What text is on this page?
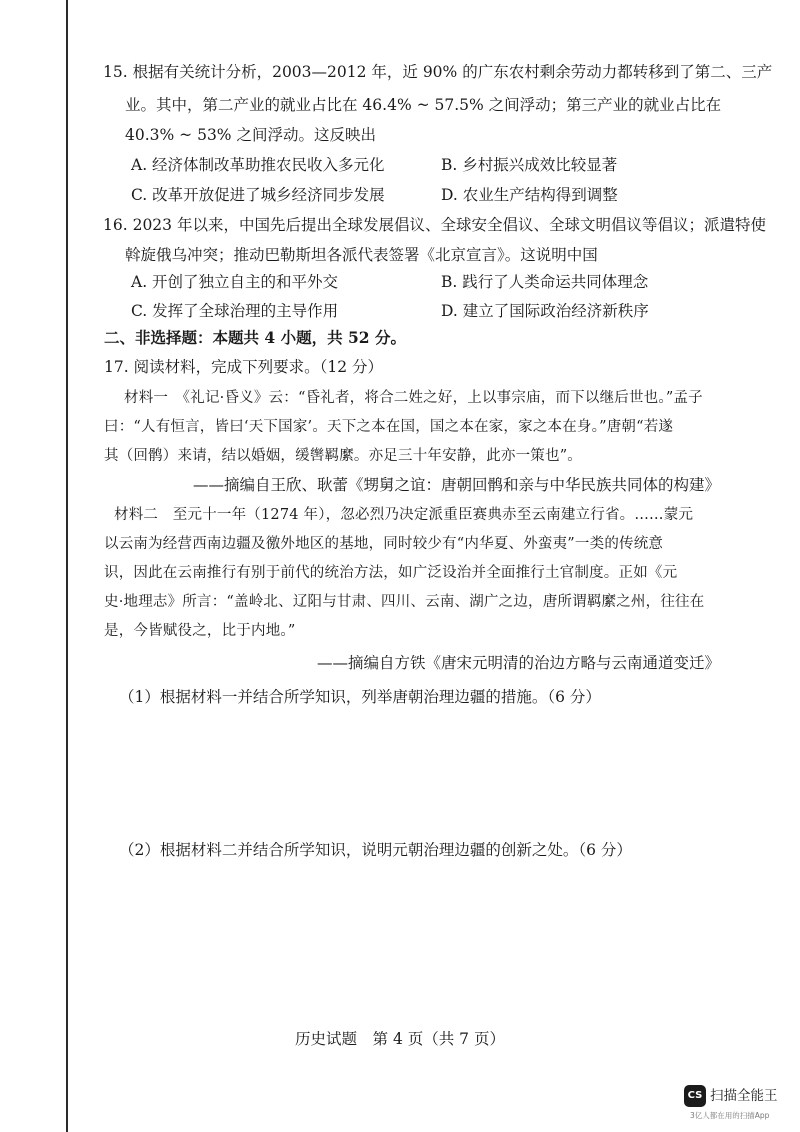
15. 根据有关统计分析，2003—2012 年，近 90% 的广东农村剩余劳动力都转移到了第二、三产
业。其中，第二产业的就业占比在 46.4% ~ 57.5% 之间浮动；第三产业的就业占比在
40.3% ~ 53% 之间浮动。这反映出
A. 经济体制改革助推农民收入多元化	B. 乡村振兴成效比较显著
C. 改革开放促进了城乡经济同步发展	D. 农业生产结构得到调整
16. 2023 年以来，中国先后提出全球发展倡议、全球安全倡议、全球文明倡议等倡议；派遣特使
斡旋俄乌冲突；推动巴勒斯坦各派代表签署《北京宣言》。这说明中国
A. 开创了独立自主的和平外交	B. 践行了人类命运共同体理念
C. 发挥了全球治理的主导作用	D. 建立了国际政治经济新秩序
二、非选择题：本题共 4 小题，共 52 分。
17. 阅读材料，完成下列要求。（12 分）
材料一　《礼记·昏义》云：“昏礼者，将合二姓之好，上以事宗庙，而下以继后世也。”孟子
曰：“人有恒言，皆曰‘天下国家’。天下之本在国，国之本在家，家之本在身。”唐朝“若遂
其（回鹘）来请，结以婚姻，缓辔羁縻。亦足三十年安静，此亦一策也”。
——摘编自王欣、耿蕾《甥舅之谊：唐朝回鹘和亲与中华民族共同体的构建》
材料二　至元十一年（1274 年），忽必烈乃决定派重臣赛典赤至云南建立行省。……蒙元
以云南为经营西南边疆及徼外地区的基地，同时较少有“内华夏、外蛮夷”一类的传统意
识，因此在云南推行有别于前代的统治方法，如广泛设治并全面推行土官制度。正如《元
史·地理志》所言：“盖岭北、辽阳与甘肃、四川、云南、湖广之边，唐所谓羁縻之州，往往在
是，今皆赋役之，比于内地。”
——摘编自方铁《唐宋元明清的治边方略与云南通道变迁》
（1）根据材料一并结合所学知识，列举唐朝治理边疆的措施。（6 分）
（2）根据材料二并结合所学知识，说明元朝治理边疆的创新之处。（6 分）
历史试题　第 4 页（共 7 页）
CS 扫描全能王
3亿人都在用的扫描App
